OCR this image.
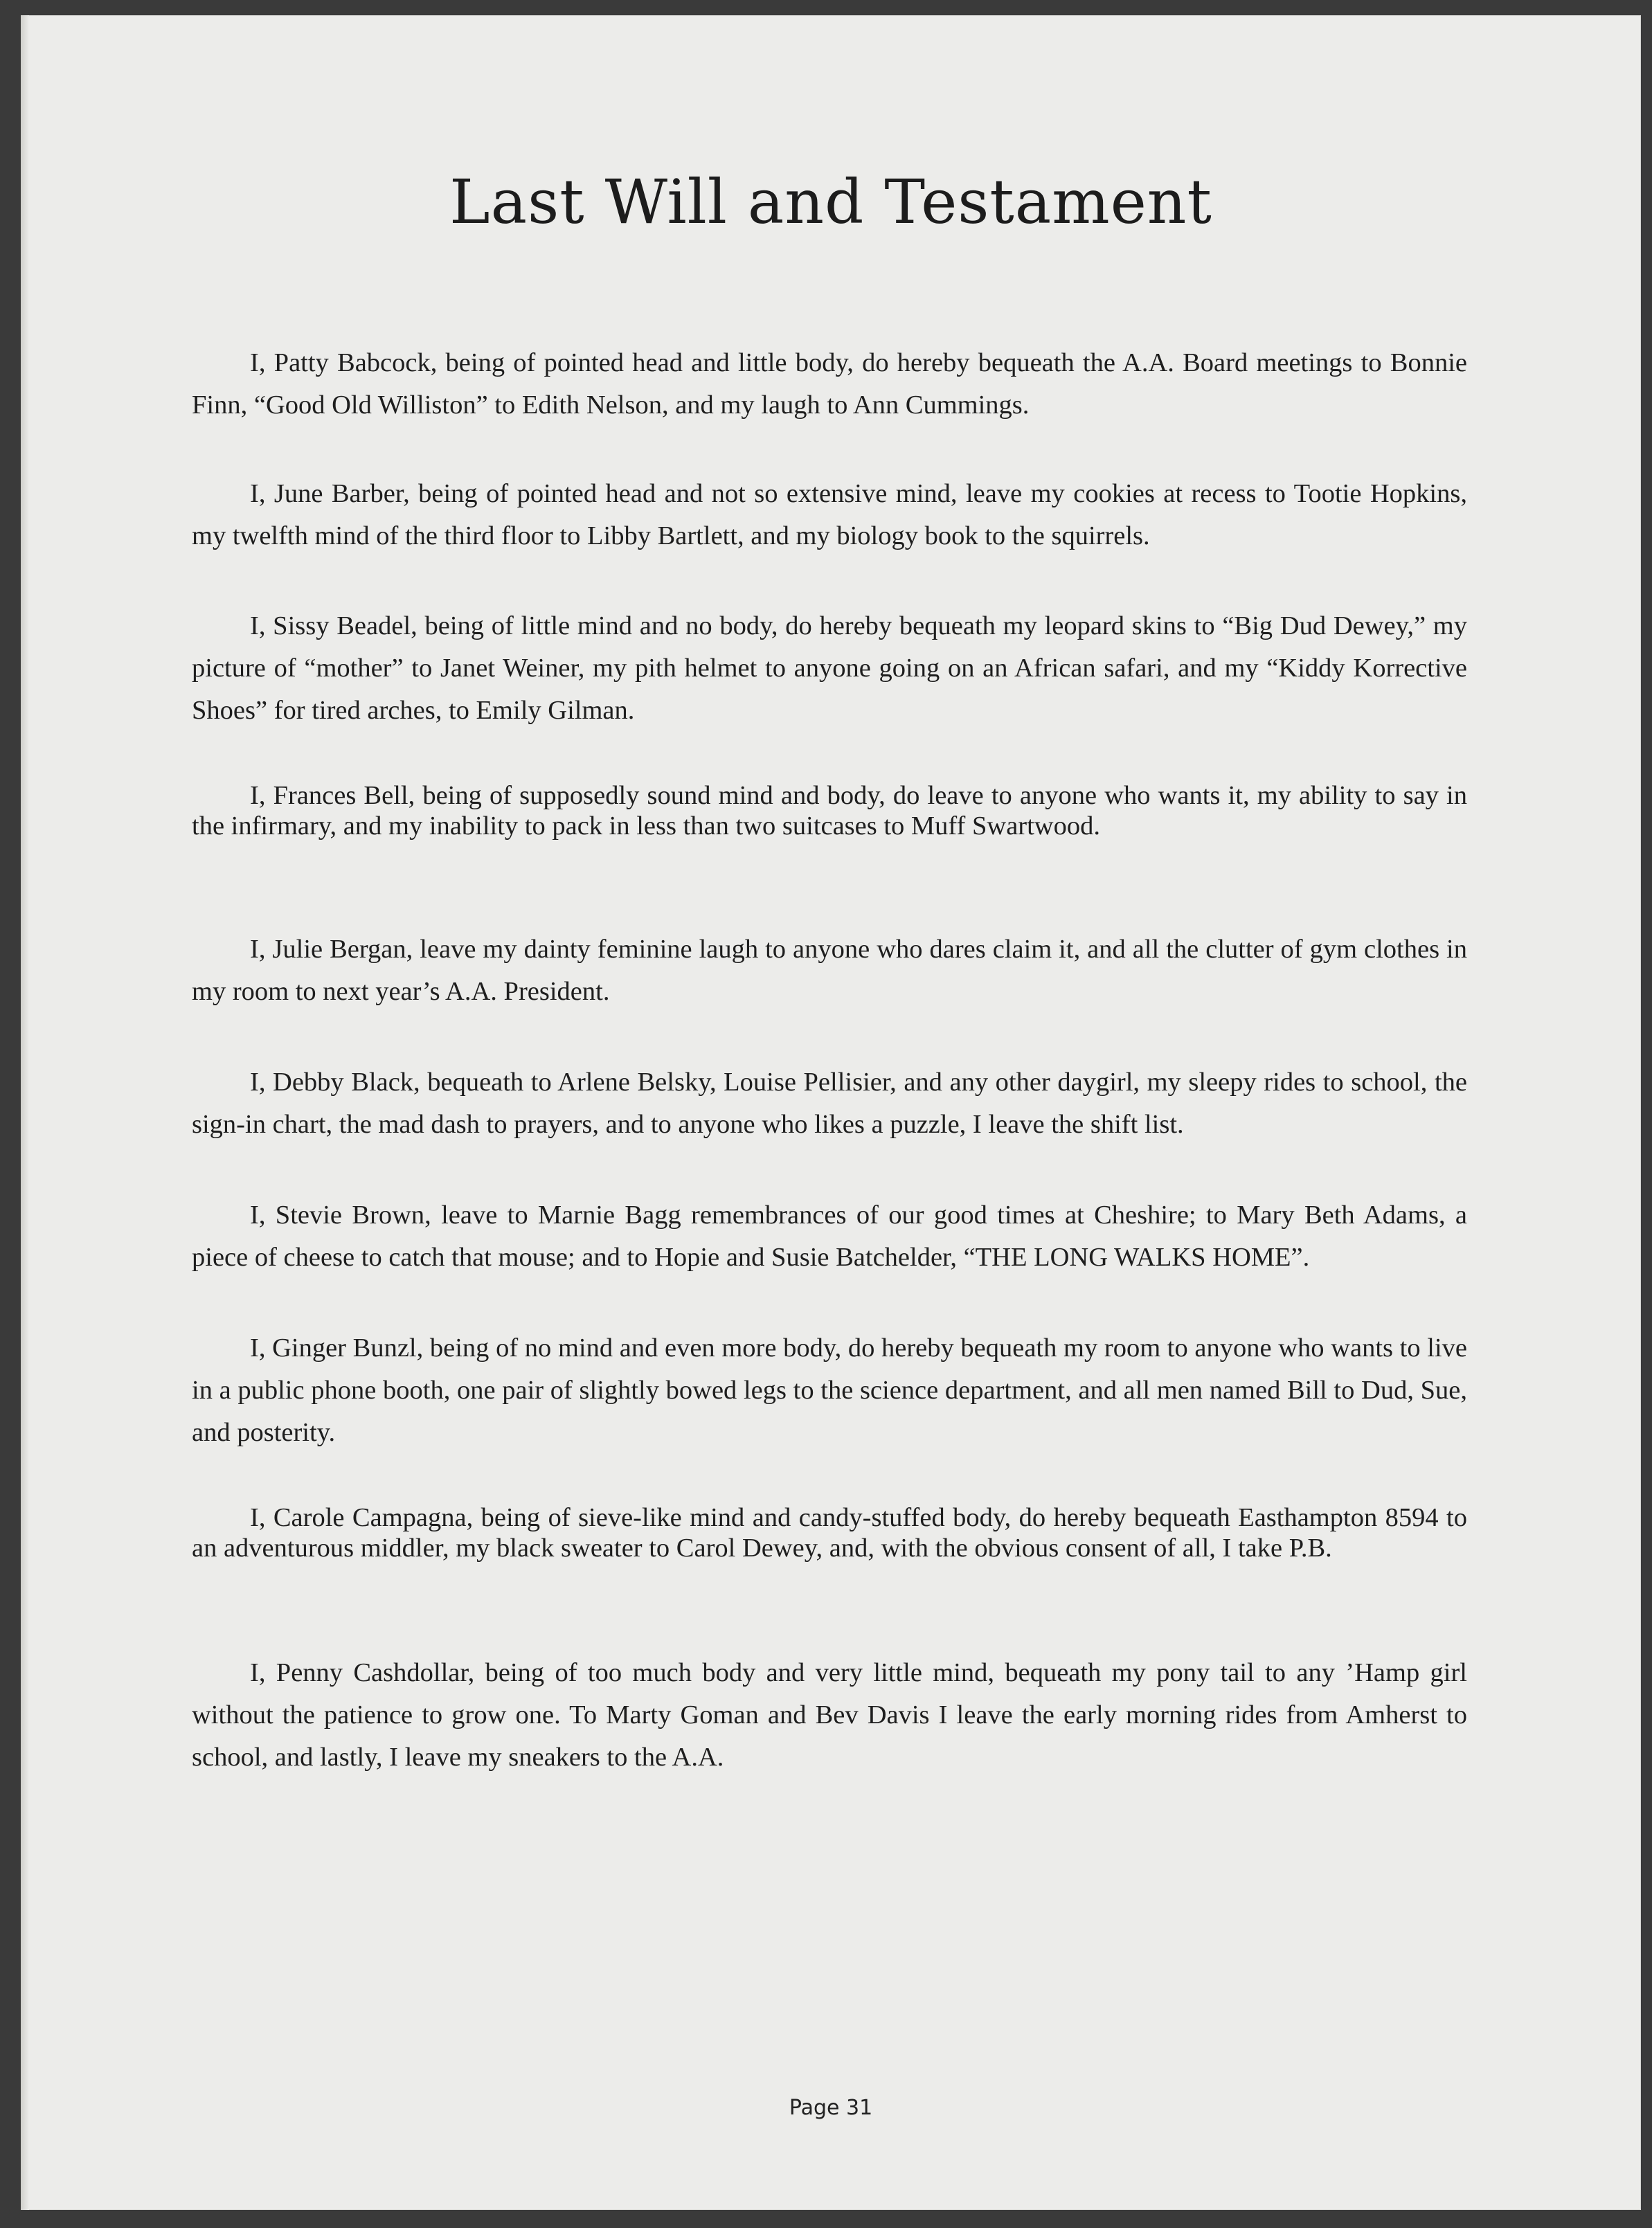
Last Will and Testament

I, Patty Babcock, being of pointed head and little body, do hereby bequeath the A.A. Board meetings to Bonnie Finn, “Good Old Williston” to Edith Nelson, and my laugh to Ann Cummings.

I, June Barber, being of pointed head and not so extensive mind, leave my cookies at recess to Tootie Hopkins, my twelfth mind of the third floor to Libby Bartlett, and my biology book to the squirrels.

I, Sissy Beadel, being of little mind and no body, do hereby bequeath my leopard skins to “Big Dud Dewey,” my picture of “mother” to Janet Weiner, my pith helmet to anyone going on an African safari, and my “Kiddy Korrective Shoes” for tired arches, to Emily Gilman.

I, Frances Bell, being of supposedly sound mind and body, do leave to anyone who wants it, my ability to say in the infirmary, and my inability to pack in less than two suitcases to Muff Swartwood.

I, Julie Bergan, leave my dainty feminine laugh to anyone who dares claim it, and all the clutter of gym clothes in my room to next year’s A.A. President.

I, Debby Black, bequeath to Arlene Belsky, Louise Pellisier, and any other daygirl, my sleepy rides to school, the sign-in chart, the mad dash to prayers, and to anyone who likes a puzzle, I leave the shift list.

I, Stevie Brown, leave to Marnie Bagg remembrances of our good times at Cheshire; to Mary Beth Adams, a piece of cheese to catch that mouse; and to Hopie and Susie Batchelder, “THE LONG WALKS HOME”.

I, Ginger Bunzl, being of no mind and even more body, do hereby bequeath my room to anyone who wants to live in a public phone booth, one pair of slightly bowed legs to the science department, and all men named Bill to Dud, Sue, and posterity.

I, Carole Campagna, being of sieve-like mind and candy-stuffed body, do hereby bequeath Easthampton 8594 to an adventurous middler, my black sweater to Carol Dewey, and, with the obvious consent of all, I take P.B.

I, Penny Cashdollar, being of too much body and very little mind, bequeath my pony tail to any ’Hamp girl without the patience to grow one. To Marty Goman and Bev Davis I leave the early morning rides from Amherst to school, and lastly, I leave my sneakers to the A.A.

Page 31
